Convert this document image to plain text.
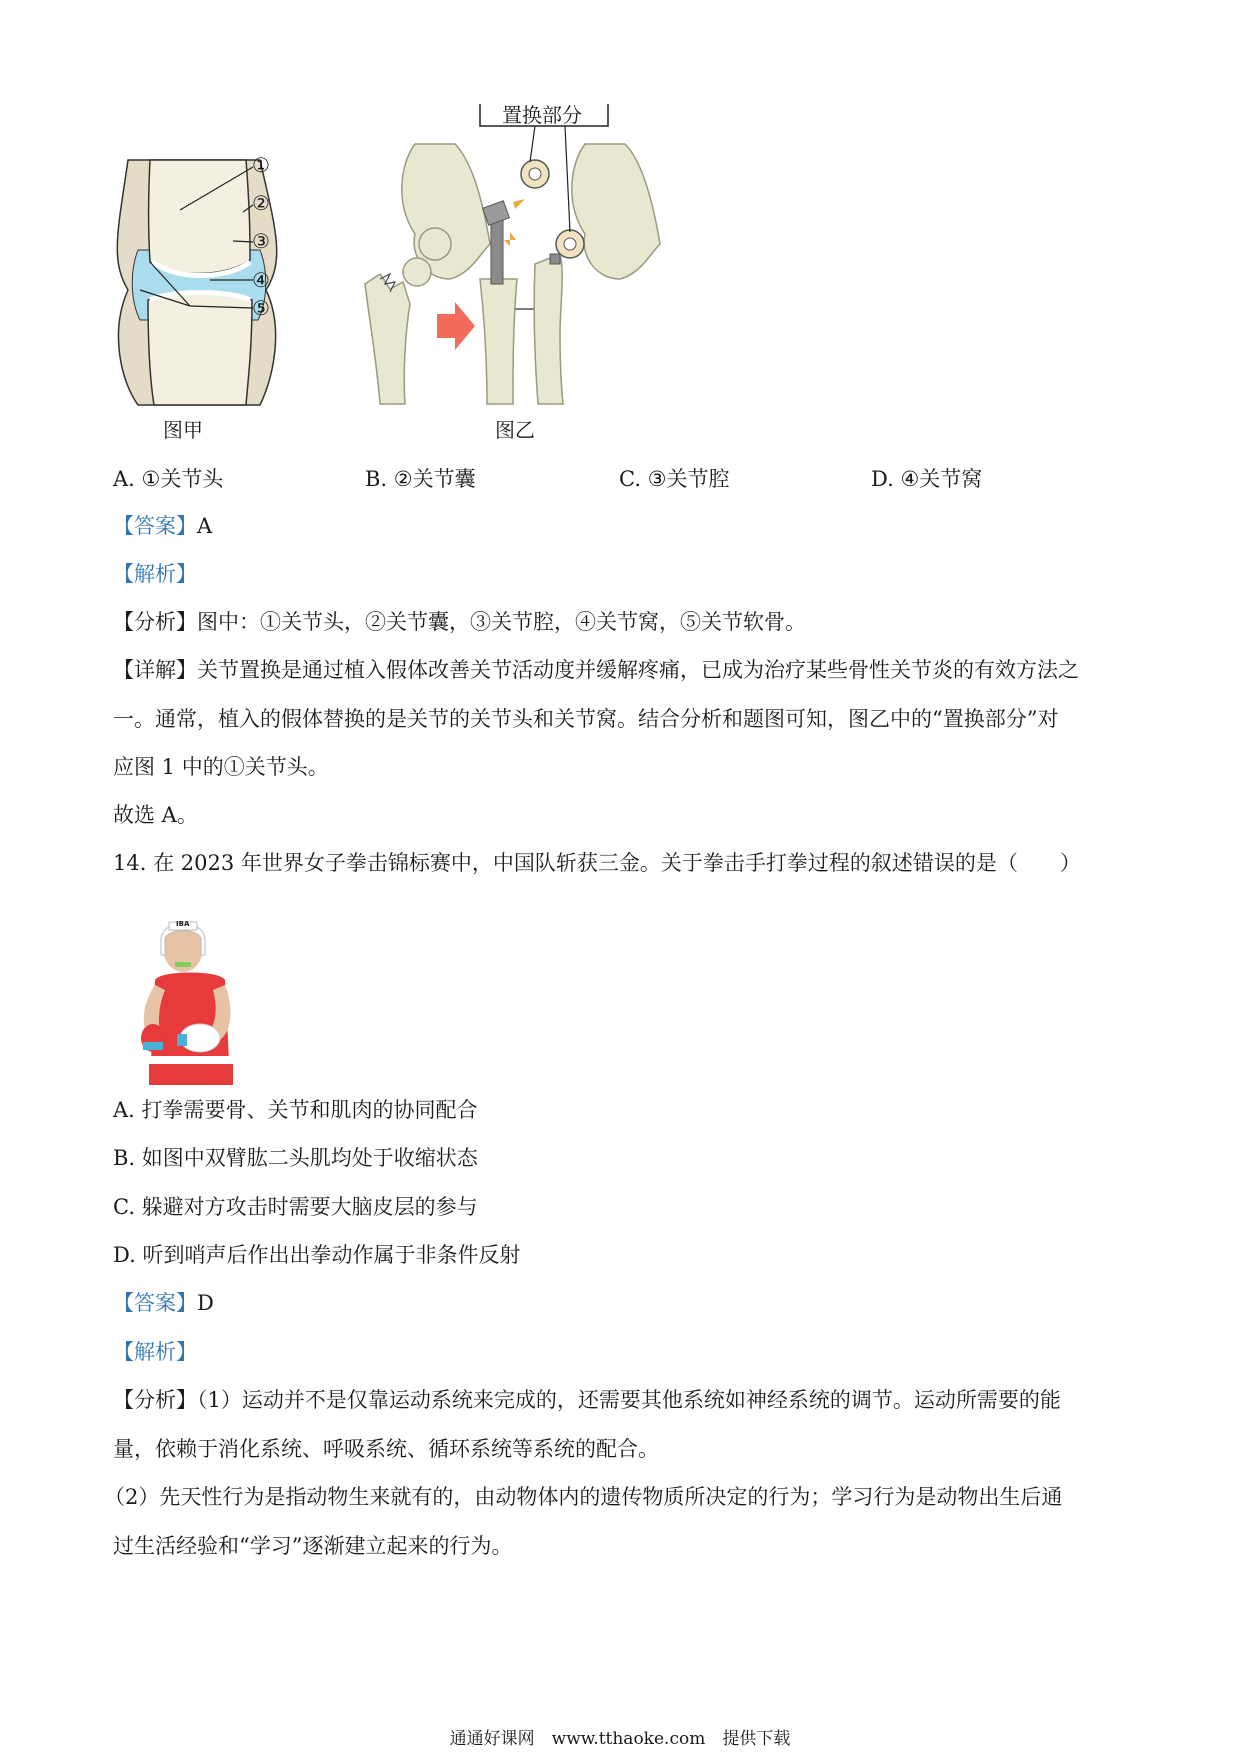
①
②
③
④
⑤
图甲
置换部分
图乙
A. ①关节头	B. ②关节囊	C. ③关节腔	D. ④关节窝
【答案】A
【解析】
【分析】图中：①关节头，②关节囊，③关节腔，④关节窝，⑤关节软骨。
【详解】关节置换是通过植入假体改善关节活动度并缓解疼痛，已成为治疗某些骨性关节炎的有效方法之
一。通常，植入的假体替换的是关节的关节头和关节窝。结合分析和题图可知，图乙中的“置换部分”对
应图 1 中的①关节头。
故选 A。
14. 在 2023 年世界女子拳击锦标赛中，中国队斩获三金。关于拳击手打拳过程的叙述错误的是（　　）
IBA
A. 打拳需要骨、关节和肌肉的协同配合
B. 如图中双臂肱二头肌均处于收缩状态
C. 躲避对方攻击时需要大脑皮层的参与
D. 听到哨声后作出出拳动作属于非条件反射
【答案】D
【解析】
【分析】（1）运动并不是仅靠运动系统来完成的，还需要其他系统如神经系统的调节。运动所需要的能
量，依赖于消化系统、呼吸系统、循环系统等系统的配合。
（2）先天性行为是指动物生来就有的，由动物体内的遗传物质所决定的行为；学习行为是动物出生后通
过生活经验和“学习”逐渐建立起来的行为。
通通好课网　www.tthaoke.com　提供下载
